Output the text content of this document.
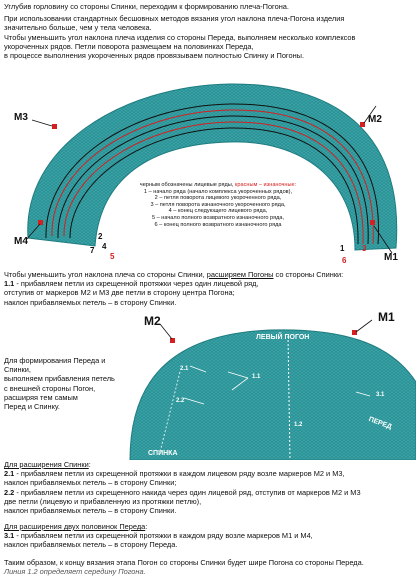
Углубив горловину со стороны Спинки, переходим к формированию плеча-Погона.

При использовании стандартных бесшовных методов вязания угол наклона плеча-Погона изделия

значительно больше, чем у тела человека.

Чтобы уменьшить угол наклона плеча изделия со стороны Переда, выполняем несколько комплексов

укороченных рядов. Петли поворота размещаем на половинках Переда,

в процессе выполнения укороченных рядов провязываем полностью Спинку и Погоны.

M3	M2
M1
M4
1
2
3
4
5	6
7
черным обозначены лицевые ряды, красным – изнаночные:
1 – начало ряда (начало комплекса укороченных рядов),
2 – петля поворота лицевого укороченного ряда,
3 – петля поворота изнаночного укороченного ряда,
4 – конец следующего лицевого ряда,
5 – начало полного возвратного изнаночного ряда,
6 – конец полного возвратного изнаночного ряда

Чтобы уменьшить угол наклона плеча со стороны Спинки, расширяем Погоны со стороны Спинки:

1.1 - прибавляем петли из скрещенной протяжки через один лицевой ряд,

отступив от маркеров М2 и М3 две петли в сторону центра Погона;

наклон прибавляемых петель – в сторону Спинки.

Для формирования Переда и Спинки,

выполняем прибавления петель

с внешней стороны Погон,

расширяя тем самым

Перед и Спинку.

M2	M1
ЛЕВЫЙ ПОГОН
СПИНКА
ПЕРЕД
1.1
2.1
2.2
1.2
3.1

Для расширения Спинки:

2.1 - прибавляем петли из скрещенной протяжки в каждом лицевом ряду возле маркеров М2 и М3,

наклон прибавляемых петель – в сторону Спинки;

2.2 - прибавляем петли из скрещенного накида через один лицевой ряд, отступив от маркеров М2 и М3

две петли (лицевую и прибавленную из протяжки петлю),

наклон прибавляемых петель – в сторону Спинки.

Для расширения двух половинок Переда:

3.1 - прибавляем петли из скрещенной протяжки в каждом ряду возле маркеров М1 и М4,

наклон прибавляемых петель – в сторону Переда.

Таким образом, к концу вязания этапа Погон со стороны Спинки будет шире Погона со стороны Переда.

Линия 1.2 определяет середину Погона.
